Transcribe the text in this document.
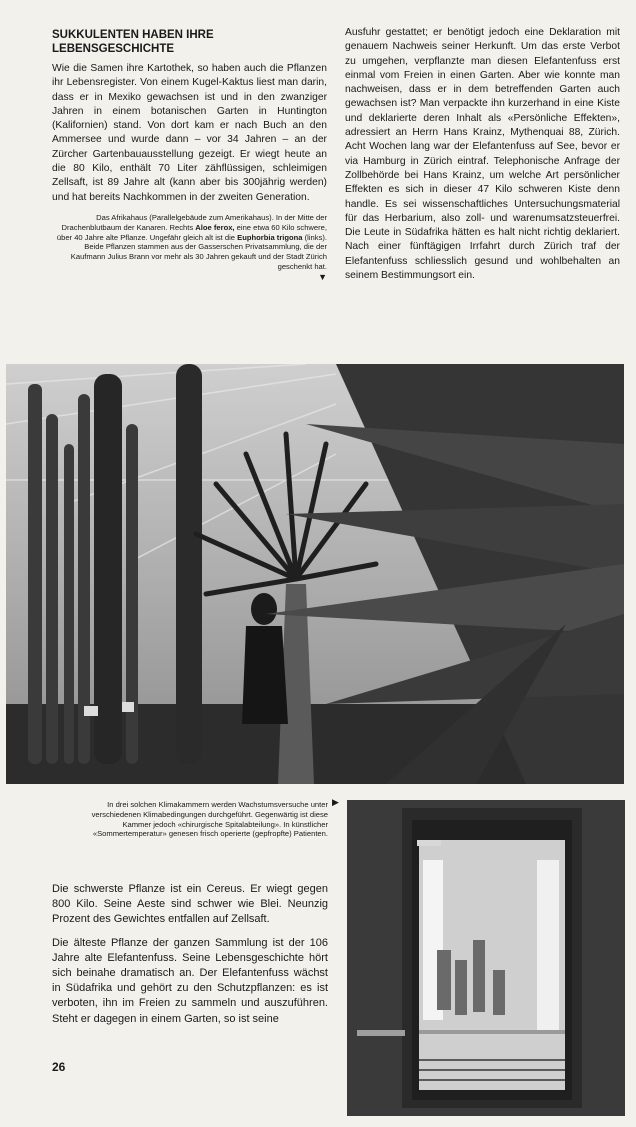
SUKKULENTEN HABEN IHRE LEBENSGESCHICHTE

Wie die Samen ihre Kartothek, so haben auch die Pflanzen ihr Lebensregister. Von einem Kugel-Kaktus liest man darin, dass er in Mexiko gewachsen ist und in den zwanziger Jahren in einem botanischen Garten in Huntington (Kalifornien) stand. Von dort kam er nach Buch an den Ammersee und wurde dann – vor 34 Jahren – an der Zürcher Gartenbauausstellung gezeigt. Er wiegt heute an die 80 Kilo, enthält 70 Liter zähflüssigen, schleimigen Zellsaft, ist 89 Jahre alt (kann aber bis 300jährig werden) und hat bereits Nachkommen in der zweiten Generation.

Das Afrikahaus (Parallelgebäude zum Amerikahaus). In der Mitte der Drachenblutbaum der Kanaren. Rechts Aloe ferox, eine etwa 60 Kilo schwere, über 40 Jahre alte Pflanze. Ungefähr gleich alt ist die Euphorbia trigona (links). Beide Pflanzen stammen aus der Gasserschen Privatsammlung, die der Kaufmann Julius Brann vor mehr als 30 Jahren gekauft und der Stadt Zürich geschenkt hat.
▼
Ausfuhr gestattet; er benötigt jedoch eine Deklaration mit genauem Nachweis seiner Herkunft. Um das erste Verbot zu umgehen, verpflanzte man diesen Elefantenfuss erst einmal vom Freien in einen Garten. Aber wie konnte man nachweisen, dass er in dem betreffenden Garten auch gewachsen ist? Man verpackte ihn kurzerhand in eine Kiste und deklarierte deren Inhalt als «Persönliche Effekten», adressiert an Herrn Hans Krainz, Mythenquai 88, Zürich. Acht Wochen lang war der Elefantenfuss auf See, bevor er via Hamburg in Zürich eintraf. Telephonische Anfrage der Zollbehörde bei Hans Krainz, um welche Art persönlicher Effekten es sich in dieser 47 Kilo schweren Kiste denn handle. Es sei wissenschaftliches Untersuchungsmaterial für das Herbarium, also zoll- und warenumsatzsteuerfrei. Die Leute in Südafrika hätten es halt nicht richtig deklariert. Nach einer fünftägigen Irrfahrt durch Zürich traf der Elefantenfuss schliesslich gesund und wohlbehalten an seinem Bestimmungsort ein.
In drei solchen Klimakammern werden Wachstumsversuche unter verschiedenen Klimabedingungen durchgeführt. Gegenwärtig ist diese Kammer jedoch «chirurgische Spitalabteilung». In künstlicher «Sommertemperatur» genesen frisch operierte (gepfropfte) Patienten.
▶

Die schwerste Pflanze ist ein Cereus. Er wiegt gegen 800 Kilo. Seine Aeste sind schwer wie Blei. Neunzig Prozent des Gewichtes entfallen auf Zellsaft.

Die älteste Pflanze der ganzen Sammlung ist der 106 Jahre alte Elefantenfuss. Seine Lebensgeschichte hört sich beinahe dramatisch an. Der Elefantenfuss wächst in Südafrika und gehört zu den Schutzpflanzen: es ist verboten, ihn im Freien zu sammeln und auszuführen. Steht er dagegen in einem Garten, so ist seine

26
